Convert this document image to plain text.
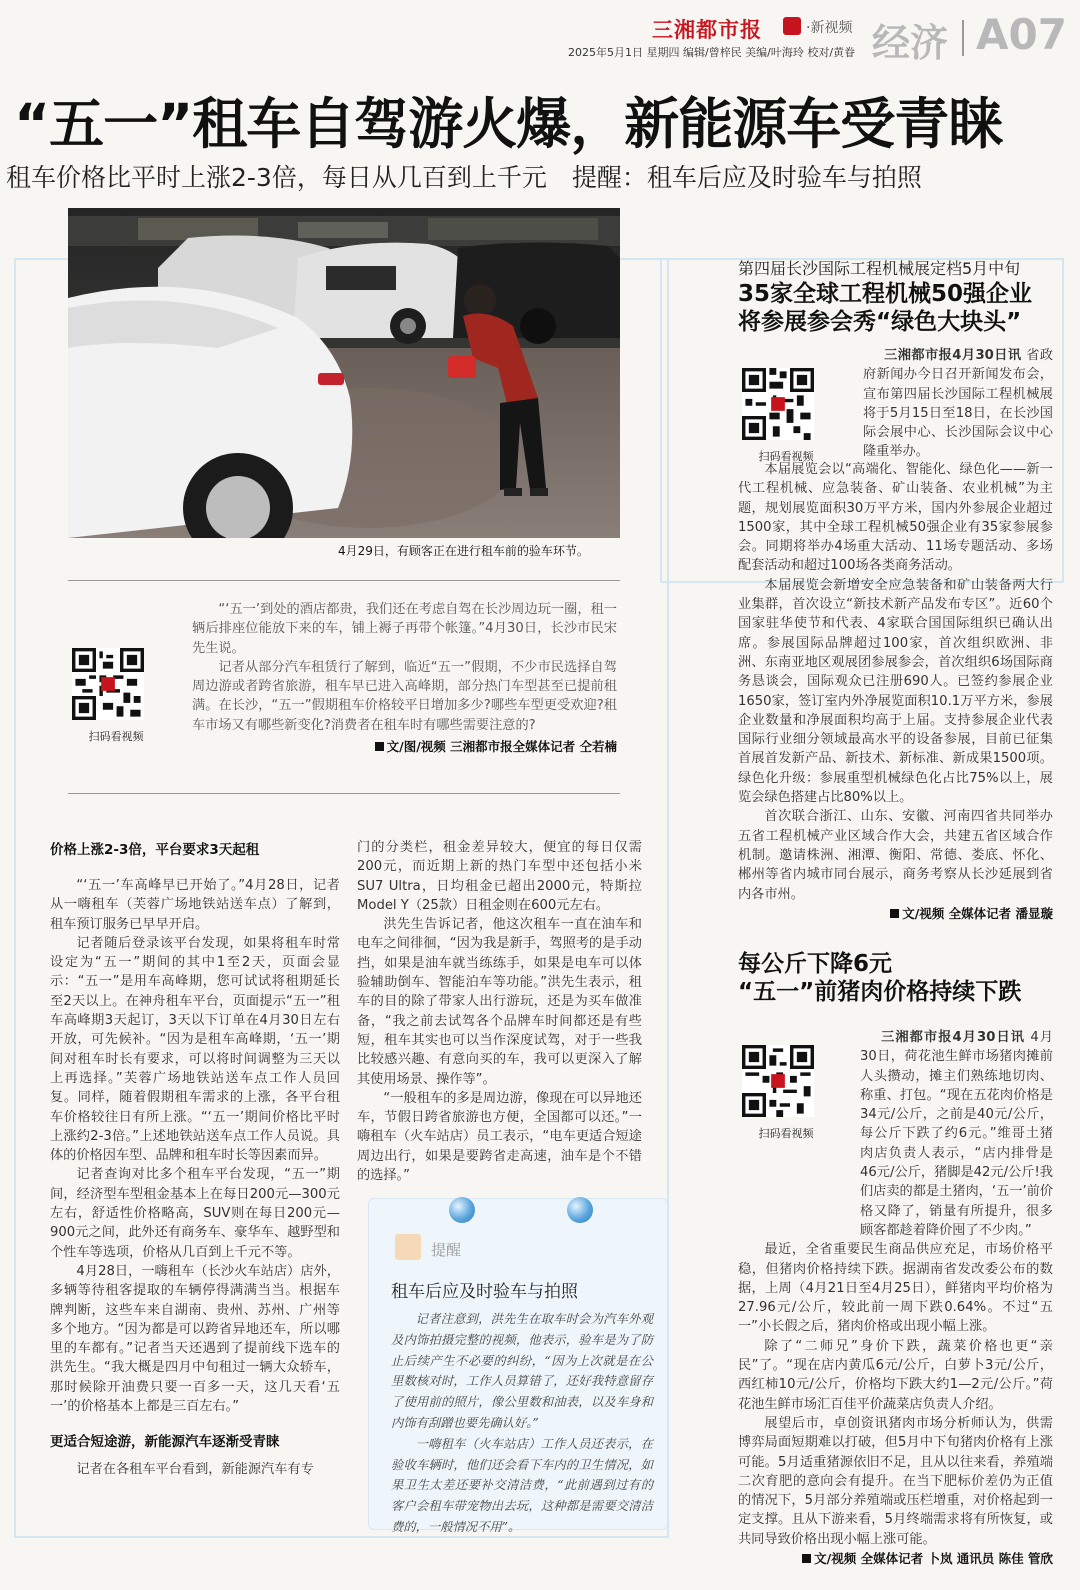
三湘都市报	·新视频
2025年5月1日 星期四 编辑/曾梓民 美编/叶海玲 校对/黄眷 经济 A07
“五一”租车自驾游火爆，新能源车受青睐
租车价格比平时上涨2-3倍，每日从几百到上千元　提醒：租车后应及时验车与拍照
4月29日，有顾客正在进行租车前的验车环节。
扫码看视频

“‘五一’到处的酒店都贵，我们还在考虑自驾在长沙周边玩一圈，租一辆后排座位能放下来的车，铺上褥子再带个帐篷。”4月30日，长沙市民宋先生说。

记者从部分汽车租赁行了解到，临近“五一”假期，不少市民选择自驾周边游或者跨省旅游，租车早已进入高峰期，部分热门车型甚至已提前租满。在长沙，“五一”假期租车价格较平日增加多少?哪些车型更受欢迎?租车市场又有哪些新变化?消费者在租车时有哪些需要注意的?

文/图/视频 三湘都市报全媒体记者 仝若楠
价格上涨2-3倍，平台要求3天起租

“‘五一’车高峰早已开始了。”4月28日，记者从一嗨租车（芙蓉广场地铁站送车点）了解到，租车预订服务已早早开启。

记者随后登录该平台发现，如果将租车时常设定为“五一”期间的其中1至2天，页面会显示：“五一”是用车高峰期，您可试试将租期延长至2天以上。在神舟租车平台，页面提示“五一”租车高峰期3天起订，3天以下订单在4月30日左右开放，可先候补。“因为是租车高峰期，‘五一’期间对租车时长有要求，可以将时间调整为三天以上再选择。”芙蓉广场地铁站送车点工作人员回复。同样，随着假期租车需求的上涨，各平台租车价格较往日有所上涨。“‘五一’期间价格比平时上涨约2-3倍。”上述地铁站送车点工作人员说。具体的价格因车型、品牌和租车时长等因素而异。

记者查询对比多个租车平台发现，“五一”期间，经济型车型租金基本上在每日200元—300元左右，舒适性价格略高，SUV则在每日200元—900元之间，此外还有商务车、豪华车、越野型和个性车等选项，价格从几百到上千元不等。

4月28日，一嗨租车（长沙火车站店）店外，多辆等待租客提取的车辆停得满满当当。根据车牌判断，这些车来自湖南、贵州、苏州、广州等多个地方。“因为都是可以跨省异地还车，所以哪里的车都有。”记者当天还遇到了提前线下选车的洪先生。“我大概是四月中旬租过一辆大众轿车，那时候除开油费只要一百多一天，这几天看‘五一’的价格基本上都是三百左右。”

更适合短途游，新能源汽车逐渐受青睐

记者在各租车平台看到，新能源汽车有专

门的分类栏，租金差异较大，便宜的每日仅需200元，而近期上新的热门车型中还包括小米SU7 Ultra，日均租金已超出2000元，特斯拉Model Y（25款）日租金则在600元左右。

洪先生告诉记者，他这次租车一直在油车和电车之间徘徊，“因为我是新手，驾照考的是手动挡，如果是油车就当练练手，如果是电车可以体验辅助倒车、智能泊车等功能。”洪先生表示，租车的目的除了带家人出行游玩，还是为买车做准备，“我之前去试驾各个品牌车时间都还是有些短，租车其实也可以当作深度试驾，对于一些我比较感兴趣、有意向买的车，我可以更深入了解其使用场景、操作等”。

“一般租车的多是周边游，像现在可以异地还车，节假日跨省旅游也方便，全国都可以还。”一嗨租车（火车站店）员工表示，“电车更适合短途周边出行，如果是要跨省走高速，油车是个不错的选择。”

提醒
租车后应及时验车与拍照

记者注意到，洪先生在取车时会为汽车外观及内饰拍摄完整的视频，他表示，验车是为了防止后续产生不必要的纠纷，“因为上次就是在公里数核对时，工作人员算错了，还好我特意留存了使用前的照片，像公里数和油表，以及车身和内饰有刮蹭也要先确认好。”

一嗨租车（火车站店）工作人员还表示，在验收车辆时，他们还会看下车内的卫生情况，如果卫生太差还要补交清洁费，“此前遇到过有的客户会租车带宠物出去玩，这种都是需要交清洁费的，一般情况不用”。

第四届长沙国际工程机械展定档5月中旬
35家全球工程机械50强企业
将参展参会秀“绿色大块头”
扫码看视频

三湘都市报4月30日讯 省政府新闻办今日召开新闻发布会，宣布第四届长沙国际工程机械展将于5月15日至18日，在长沙国际会展中心、长沙国际会议中心隆重举办。

本届展览会以“高端化、智能化、绿色化——新一代工程机械、应急装备、矿山装备、农业机械”为主题，规划展览面积30万平方米，国内外参展企业超过1500家，其中全球工程机械50强企业有35家参展参会。同期将举办4场重大活动、11场专题活动、多场配套活动和超过100场各类商务活动。

本届展览会新增安全应急装备和矿山装备两大行业集群，首次设立“新技术新产品发布专区”。近60个国家驻华使节和代表、4家联合国国际组织已确认出席。参展国际品牌超过100家，首次组织欧洲、非洲、东南亚地区观展团参展参会，首次组织6场国际商务恳谈会，国际观众已注册690人。已签约参展企业1650家，签订室内外净展览面积10.1万平方米，参展企业数量和净展面积均高于上届。支持参展企业代表国际行业细分领域最高水平的设备参展，目前已征集首展首发新产品、新技术、新标准、新成果1500项。绿色化升级：参展重型机械绿色化占比75%以上，展览会绿色搭建占比80%以上。

首次联合浙江、山东、安徽、河南四省共同举办五省工程机械产业区域合作大会，共建五省区域合作机制。邀请株洲、湘潭、衡阳、常德、娄底、怀化、郴州等省内城市同台展示，商务考察从长沙延展到省内各市州。

文/视频 全媒体记者 潘显璇
每公斤下降6元
“五一”前猪肉价格持续下跌
扫码看视频

三湘都市报4月30日讯 4月30日，荷花池生鲜市场猪肉摊前人头攒动，摊主们熟练地切肉、称重、打包。“现在五花肉价格是34元/公斤，之前是40元/公斤，每公斤下跌了约6元。”维哥土猪肉店负责人表示，“店内排骨是46元/公斤，猪脚是42元/公斤!我们店卖的都是土猪肉，‘五一’前价格又降了，销量有所提升，很多顾客都趁着降价囤了不少肉。”

最近，全省重要民生商品供应充足，市场价格平稳，但猪肉价格持续下跌。据湖南省发改委公布的数据，上周（4月21日至4月25日），鲜猪肉平均价格为27.96元/公斤，较此前一周下跌0.64%。不过“五一”小长假之后，猪肉价格或出现小幅上涨。

除了“二师兄”身价下跌，蔬菜价格也更“亲民”了。“现在店内黄瓜6元/公斤，白萝卜3元/公斤，西红柿10元/公斤，价格均下跌大约1—2元/公斤。”荷花池生鲜市场汇百佳平价蔬菜店负责人介绍。

展望后市，卓创资讯猪肉市场分析师认为，供需博弈局面短期难以打破，但5月中下旬猪肉价格有上涨可能。5月适重猪源依旧不足，且从以往来看，养殖端二次育肥的意向会有提升。在当下肥标价差仍为正值的情况下，5月部分养殖端或压栏增重，对价格起到一定支撑。且从下游来看，5月终端需求将有所恢复，或共同导致价格出现小幅上涨可能。

文/视频 全媒体记者 卜岚 通讯员 陈佳 管欣
